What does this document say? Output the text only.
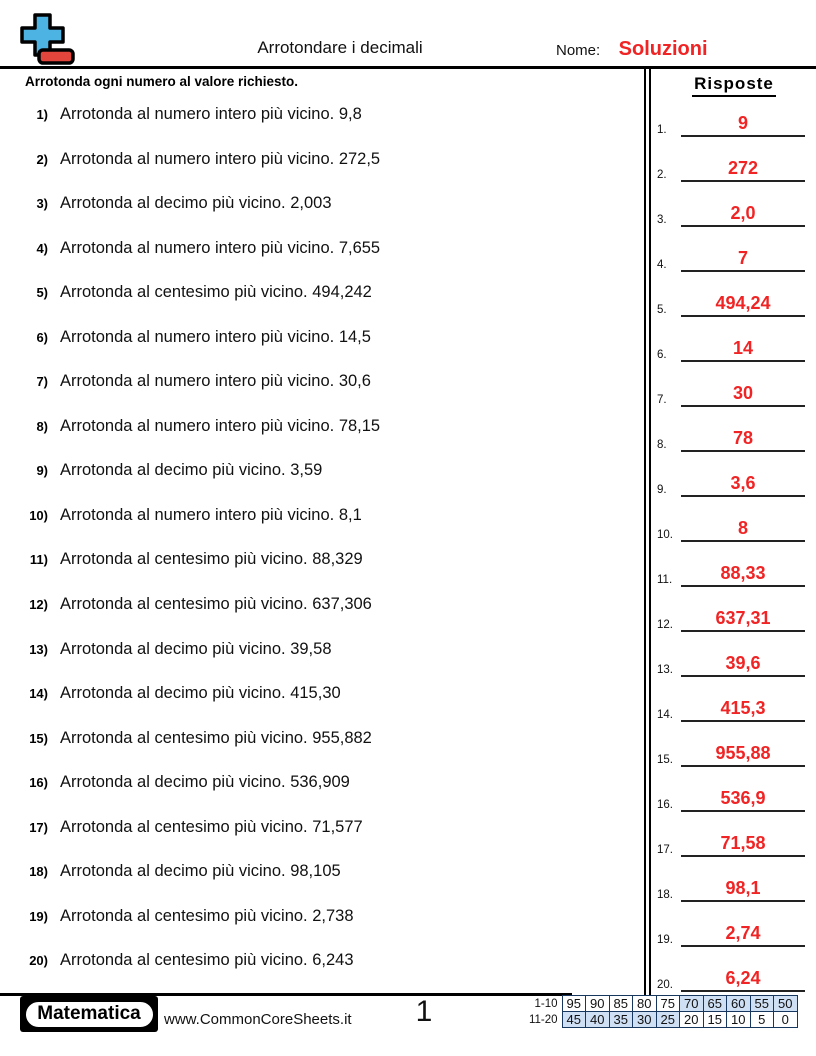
Arrotondare i decimali	Nome: Soluzioni
Arrotonda ogni numero al valore richiesto.
1) Arrotonda al numero intero più vicino. 9,8
2) Arrotonda al numero intero più vicino. 272,5
3) Arrotonda al decimo più vicino. 2,003
4) Arrotonda al numero intero più vicino. 7,655
5) Arrotonda al centesimo più vicino. 494,242
6) Arrotonda al numero intero più vicino. 14,5
7) Arrotonda al numero intero più vicino. 30,6
8) Arrotonda al numero intero più vicino. 78,15
9) Arrotonda al decimo più vicino. 3,59
10) Arrotonda al numero intero più vicino. 8,1
11) Arrotonda al centesimo più vicino. 88,329
12) Arrotonda al centesimo più vicino. 637,306
13) Arrotonda al decimo più vicino. 39,58
14) Arrotonda al decimo più vicino. 415,30
15) Arrotonda al centesimo più vicino. 955,882
16) Arrotonda al decimo più vicino. 536,909
17) Arrotonda al centesimo più vicino. 71,577
18) Arrotonda al decimo più vicino. 98,105
19) Arrotonda al centesimo più vicino. 2,738
20) Arrotonda al centesimo più vicino. 6,243
Risposte
1.	9
2.	272
3.	2,0
4.	7
5.	494,24
6.	14
7.	30
8.	78
9.	3,6
10.	8
11.	88,33
12.	637,31
13.	39,6
14.	415,3
15.	955,88
16.	536,9
17.	71,58
18.	98,1
19.	2,74
20.	6,24
Matematica	www.CommonCoreSheets.it	1	1-10	95	90	85	80	75	70	65	60	55	50
11-20	45	40	35	30	25	20	15	10	5	0
